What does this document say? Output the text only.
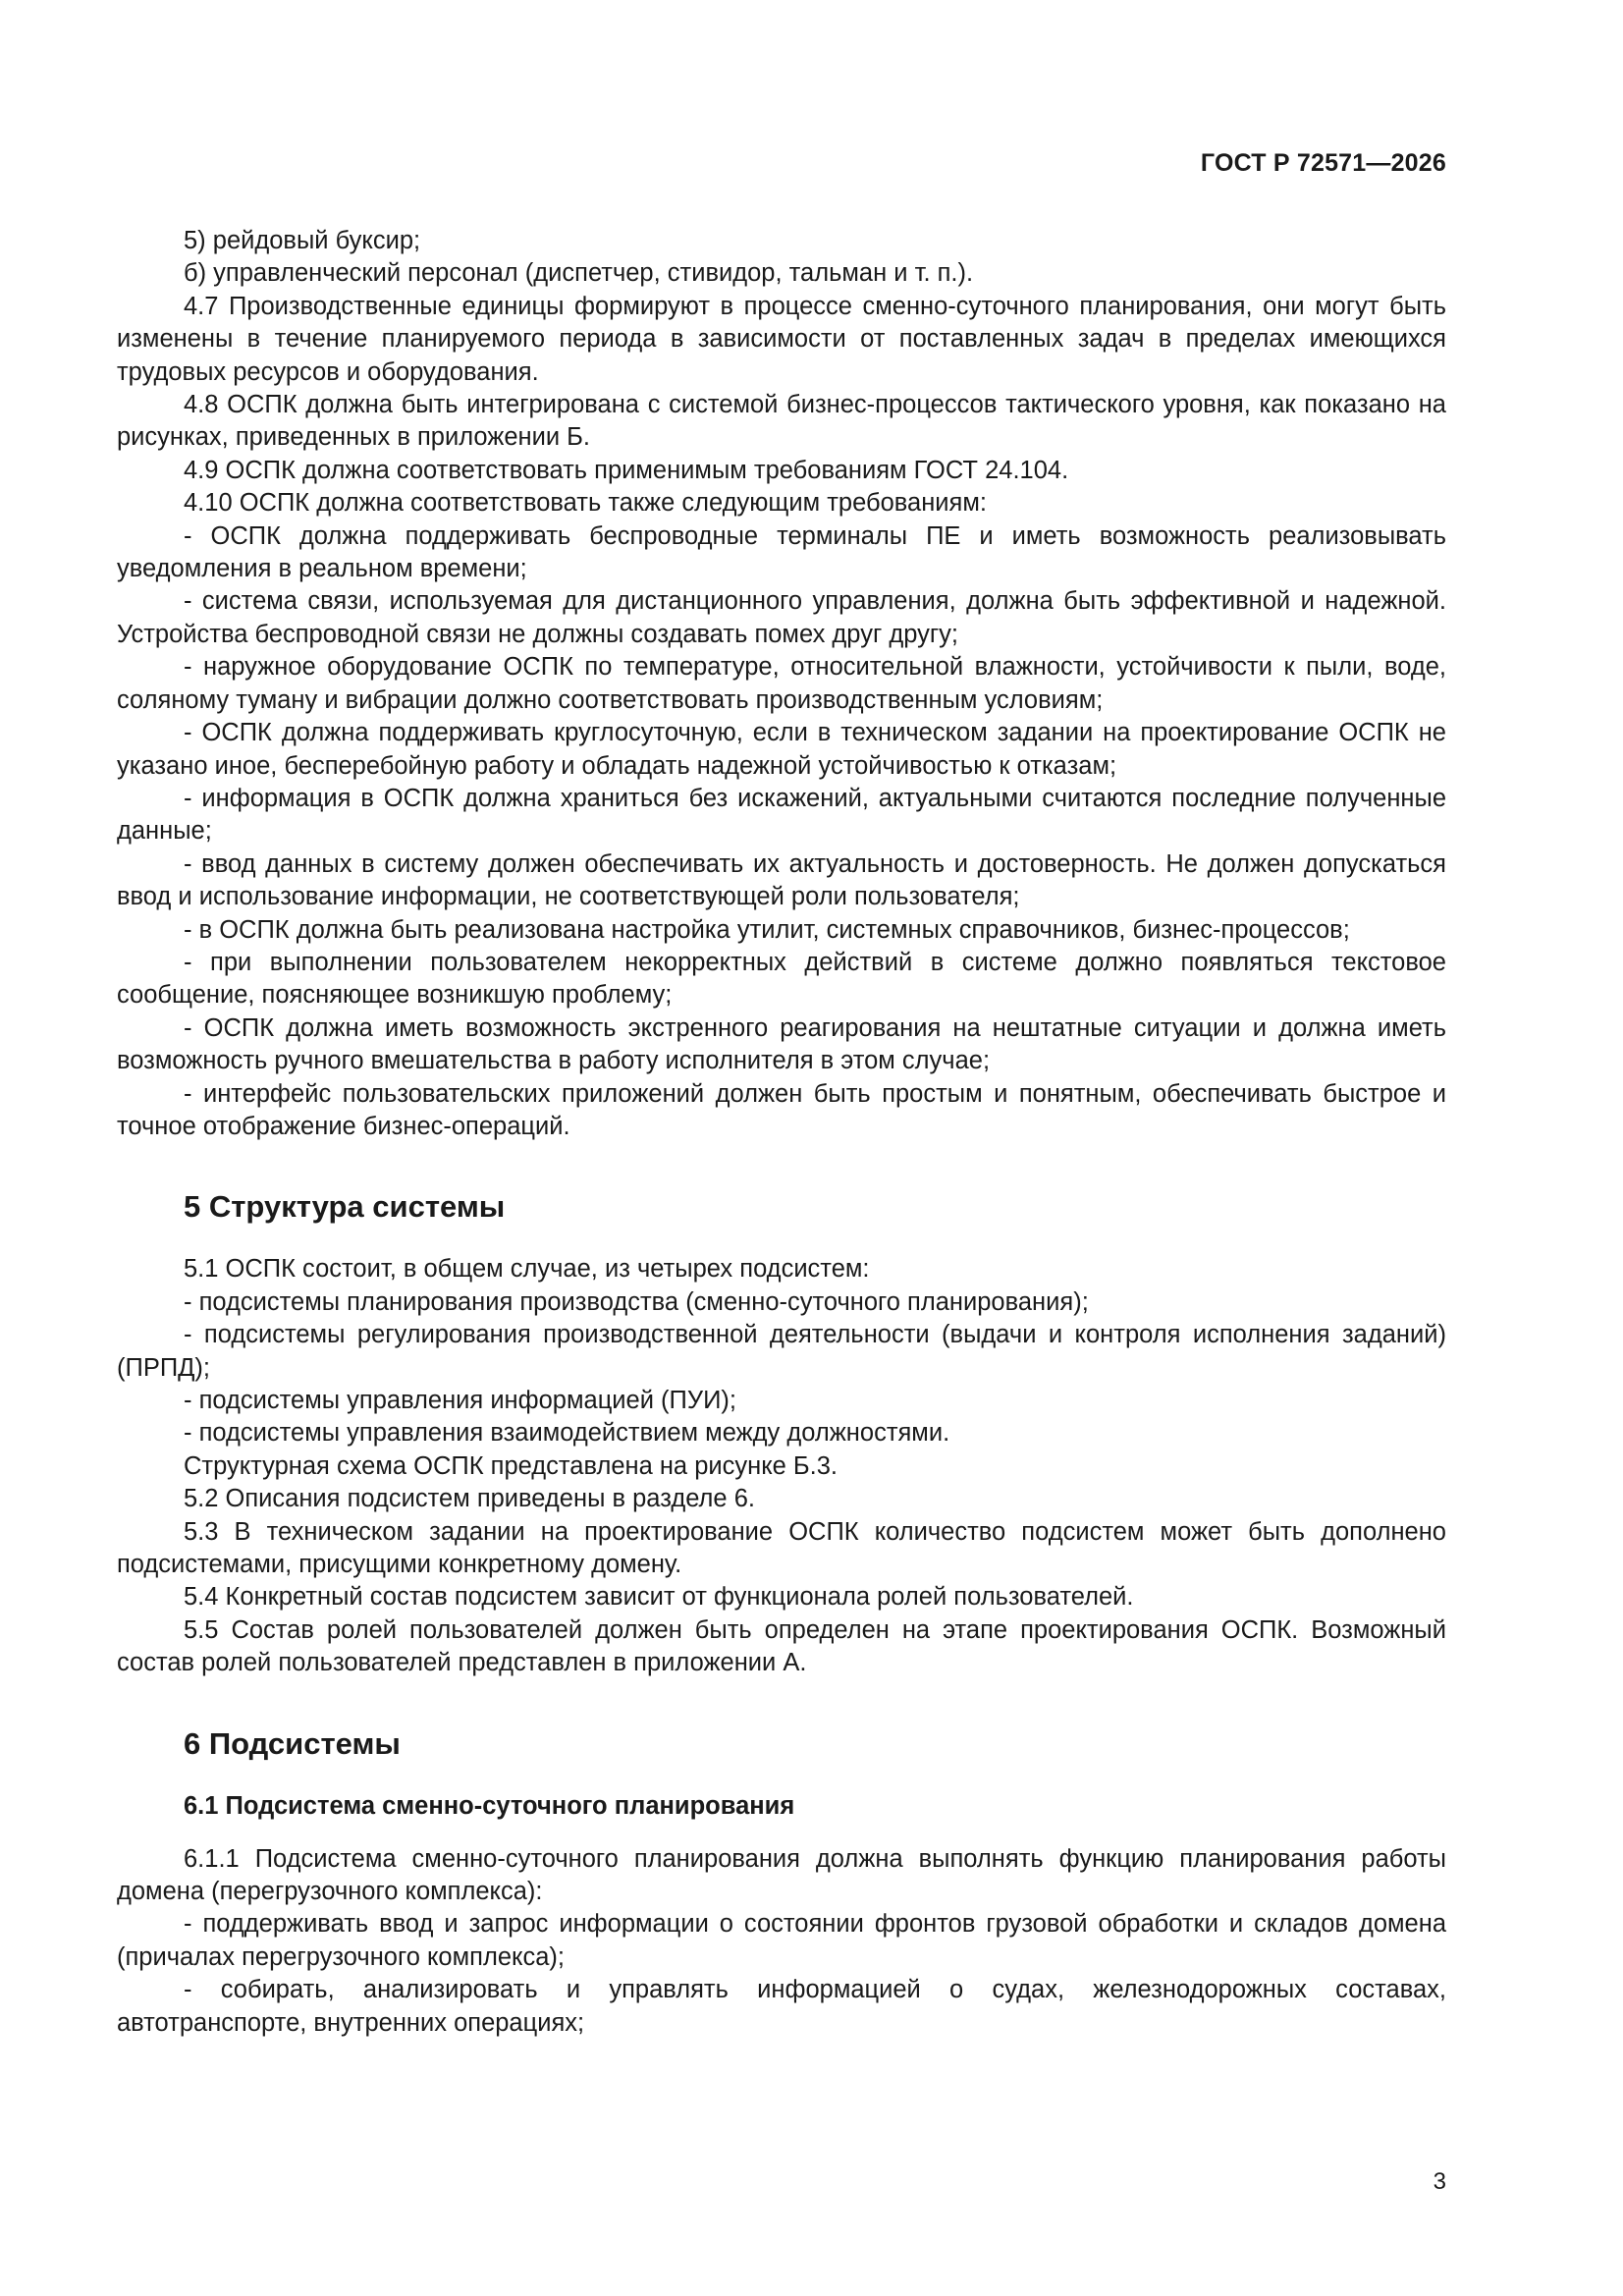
ГОСТ Р 72571—2026

5) рейдовый буксир;

б) управленческий персонал (диспетчер, стивидор, тальман и т. п.).

4.7 Производственные единицы формируют в процессе сменно-суточного планирования, они могут быть изменены в течение планируемого периода в зависимости от поставленных задач в пределах имеющихся трудовых ресурсов и оборудования.

4.8 ОСПК должна быть интегрирована с системой бизнес-процессов тактического уровня, как показано на рисунках, приведенных в приложении Б.

4.9 ОСПК должна соответствовать применимым требованиям ГОСТ 24.104.

4.10 ОСПК должна соответствовать также следующим требованиям:

- ОСПК должна поддерживать беспроводные терминалы ПЕ и иметь возможность реализовывать уведомления в реальном времени;

- система связи, используемая для дистанционного управления, должна быть эффективной и надежной. Устройства беспроводной связи не должны создавать помех друг другу;

- наружное оборудование ОСПК по температуре, относительной влажности, устойчивости к пыли, воде, соляному туману и вибрации должно соответствовать производственным условиям;

- ОСПК должна поддерживать круглосуточную, если в техническом задании на проектирование ОСПК не указано иное, бесперебойную работу и обладать надежной устойчивостью к отказам;

- информация в ОСПК должна храниться без искажений, актуальными считаются последние полученные данные;

- ввод данных в систему должен обеспечивать их актуальность и достоверность. Не должен допускаться ввод и использование информации, не соответствующей роли пользователя;

- в ОСПК должна быть реализована настройка утилит, системных справочников, бизнес-процессов;

- при выполнении пользователем некорректных действий в системе должно появляться текстовое сообщение, поясняющее возникшую проблему;

- ОСПК должна иметь возможность экстренного реагирования на нештатные ситуации и должна иметь возможность ручного вмешательства в работу исполнителя в этом случае;

- интерфейс пользовательских приложений должен быть простым и понятным, обеспечивать быстрое и точное отображение бизнес-операций.

5 Структура системы

5.1 ОСПК состоит, в общем случае, из четырех подсистем:

- подсистемы планирования производства (сменно-суточного планирования);

- подсистемы регулирования производственной деятельности (выдачи и контроля исполнения заданий) (ПРПД);

- подсистемы управления информацией (ПУИ);

- подсистемы управления взаимодействием между должностями.

Структурная схема ОСПК представлена на рисунке Б.3.

5.2 Описания подсистем приведены в разделе 6.

5.3 В техническом задании на проектирование ОСПК количество подсистем может быть дополнено подсистемами, присущими конкретному домену.

5.4 Конкретный состав подсистем зависит от функционала ролей пользователей.

5.5 Состав ролей пользователей должен быть определен на этапе проектирования ОСПК. Возможный состав ролей пользователей представлен в приложении А.

6 Подсистемы
6.1 Подсистема сменно-суточного планирования

6.1.1 Подсистема сменно-суточного планирования должна выполнять функцию планирования работы домена (перегрузочного комплекса):

- поддерживать ввод и запрос информации о состоянии фронтов грузовой обработки и складов домена (причалах перегрузочного комплекса);

- собирать, анализировать и управлять информацией о судах, железнодорожных составах, автотранспорте, внутренних операциях;

3
